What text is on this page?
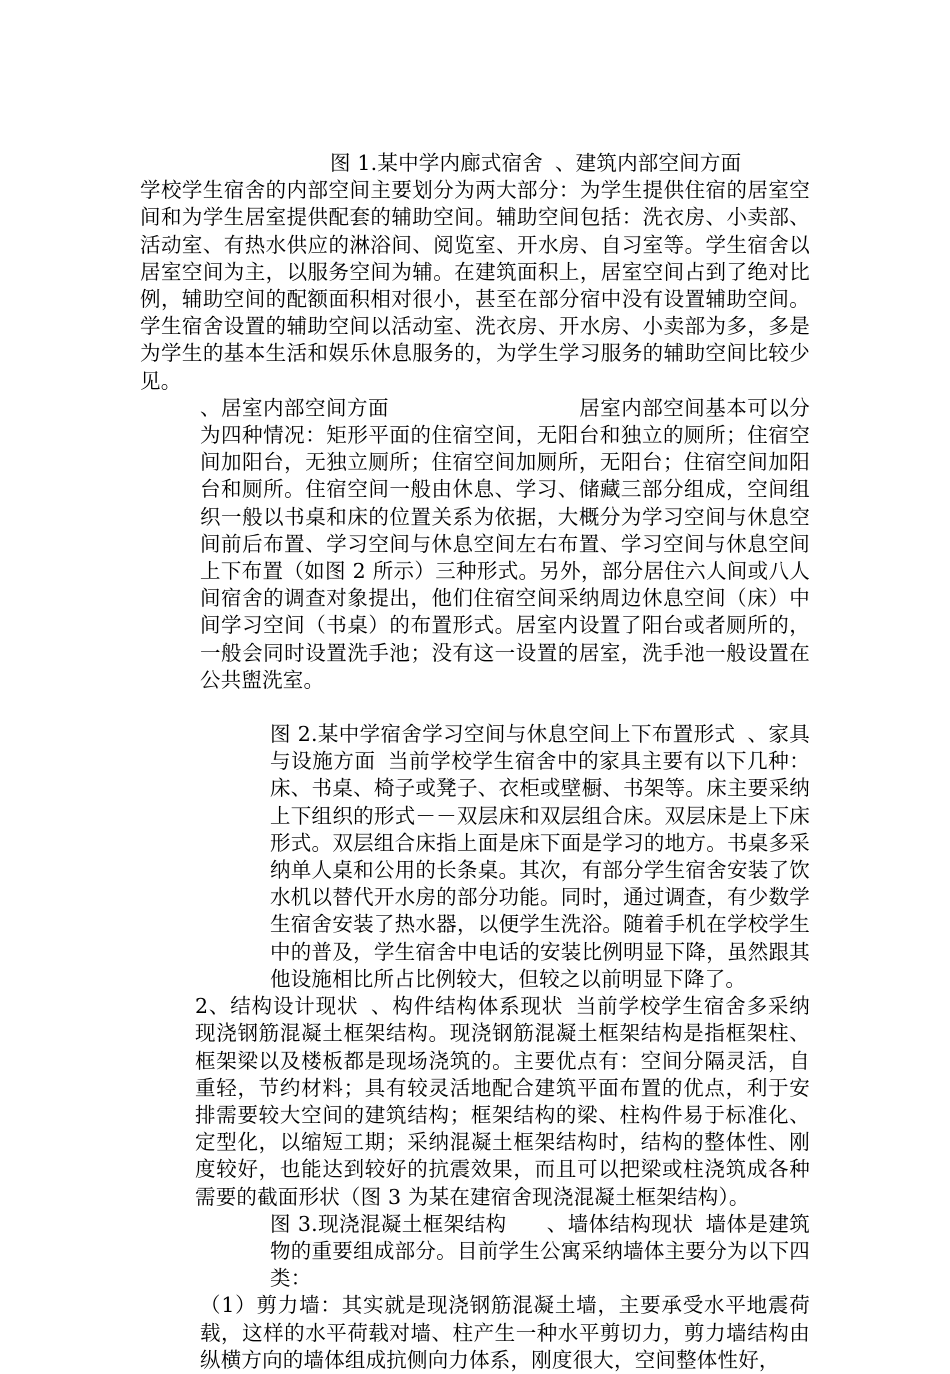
图 1.某中学内廊式宿舍 、建筑内部空间方面

学校学生宿舍的内部空间主要划分为两大部分：为学生提供住宿的居室空间和为学生居室提供配套的辅助空间。辅助空间包括：洗衣房、小卖部、活动室、有热水供应的淋浴间、阅览室、开水房、自习室等。学生宿舍以居室空间为主，以服务空间为辅。在建筑面积上，居室空间占到了绝对比例，辅助空间的配额面积相对很小，甚至在部分宿中没有设置辅助空间。学生宿舍设置的辅助空间以活动室、洗衣房、开水房、小卖部为多，多是为学生的基本生活和娱乐休息服务的，为学生学习服务的辅助空间比较少见。

、居室内部空间方面	居室内部空间基本可以分为四种情况：矩形平面的住宿空间，无阳台和独立的厕所；住宿空间加阳台，无独立厕所；住宿空间加厕所，无阳台；住宿空间加阳台和厕所。住宿空间一般由休息、学习、储藏三部分组成，空间组织一般以书桌和床的位置关系为依据，大概分为学习空间与休息空间前后布置、学习空间与休息空间左右布置、学习空间与休息空间上下布置（如图 2 所示）三种形式。另外，部分居住六人间或八人间宿舍的调查对象提出，他们住宿空间采纳周边休息空间（床）中间学习空间（书桌）的布置形式。居室内设置了阳台或者厕所的，一般会同时设置洗手池；没有这一设置的居室，洗手池一般设置在公共盥洗室。

图 2.某中学宿舍学习空间与休息空间上下布置形式 、家具与设施方面 当前学校学生宿舍中的家具主要有以下几种：床、书桌、椅子或凳子、衣柜或壁橱、书架等。床主要采纳上下组织的形式－－双层床和双层组合床。双层床是上下床形式。双层组合床指上面是床下面是学习的地方。书桌多采纳单人桌和公用的长条桌。其次，有部分学生宿舍安装了饮水机以替代开水房的部分功能。同时，通过调查，有少数学生宿舍安装了热水器，以便学生洗浴。随着手机在学校学生中的普及，学生宿舍中电话的安装比例明显下降，虽然跟其他设施相比所占比例较大，但较之以前明显下降了。

2、结构设计现状 、构件结构体系现状 当前学校学生宿舍多采纳现浇钢筋混凝土框架结构。现浇钢筋混凝土框架结构是指框架柱、框架梁以及楼板都是现场浇筑的。主要优点有：空间分隔灵活，自重轻，节约材料；具有较灵活地配合建筑平面布置的优点，利于安排需要较大空间的建筑结构；框架结构的梁、柱构件易于标准化、定型化，以缩短工期；采纳混凝土框架结构时，结构的整体性、刚度较好，也能达到较好的抗震效果，而且可以把梁或柱浇筑成各种需要的截面形状（图 3 为某在建宿舍现浇混凝土框架结构）。

图 3.现浇混凝土框架结构 、墙体结构现状 墙体是建筑物的重要组成部分。目前学生公寓采纳墙体主要分为以下四类：

（1）剪力墙：其实就是现浇钢筋混凝土墙，主要承受水平地震荷载，这样的水平荷载对墙、柱产生一种水平剪切力，剪力墙结构由纵横方向的墙体组成抗侧向力体系，刚度很大，空间整体性好，
